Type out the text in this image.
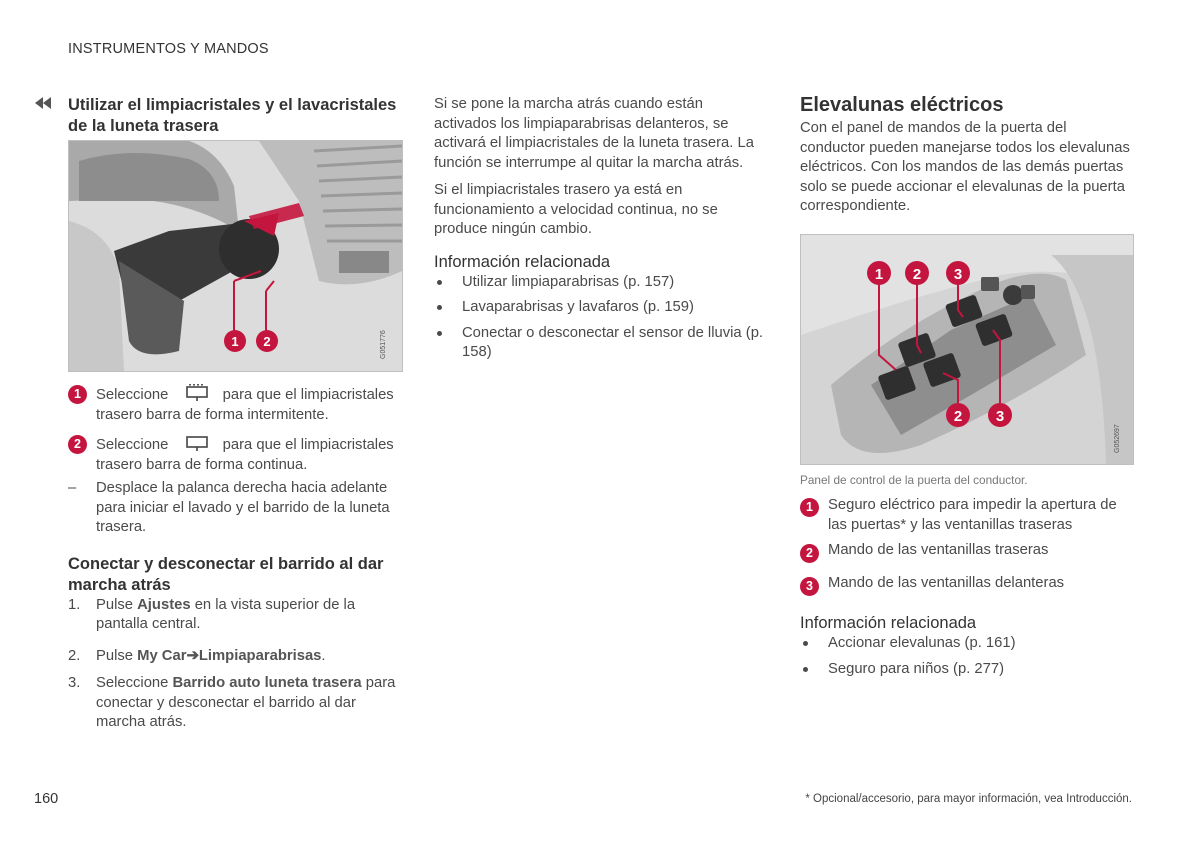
INSTRUMENTOS Y MANDOS
Utilizar el limpiacristales y el lavacristales de la luneta trasera
1 2	G051776
1	Seleccione	para que el limpiacristales trasero barra de forma intermitente.
2	Seleccione	para que el limpiacristales trasero barra de forma continua.
– Desplace la palanca derecha hacia adelante para iniciar el lavado y el barrido de la luneta trasera.
Conectar y desconectar el barrido al dar marcha atrás
1. Pulse Ajustes en la vista superior de la pantalla central.
2. Pulse My Car➔Limpiaparabrisas.
3. Seleccione Barrido auto luneta trasera para conectar y desconectar el barrido al dar marcha atrás.

Si se pone la marcha atrás cuando están activados los limpiaparabrisas delanteros, se activará el limpiacristales de la luneta trasera. La función se interrumpe al quitar la marcha atrás.

Si el limpiacristales trasero ya está en funcionamiento a velocidad continua, no se produce ningún cambio.

Información relacionada
Utilizar limpiaparabrisas (p. 157)
Lavaparabrisas y lavafaros (p. 159)
Conectar o desconectar el sensor de lluvia (p. 158)
Elevalunas eléctricos

Con el panel de mandos de la puerta del conductor pueden manejarse todos los elevalunas eléctricos. Con los mandos de las demás puertas solo se puede accionar el elevalunas de la puerta correspondiente.

1 2 3
2 3
G052697
Panel de control de la puerta del conductor.
1	Seguro eléctrico para impedir la apertura de las puertas* y las ventanillas traseras
2	Mando de las ventanillas traseras
3	Mando de las ventanillas delanteras
Información relacionada
Accionar elevalunas (p. 161)
Seguro para niños (p. 277)
160	* Opcional/accesorio, para mayor información, vea Introducción.
